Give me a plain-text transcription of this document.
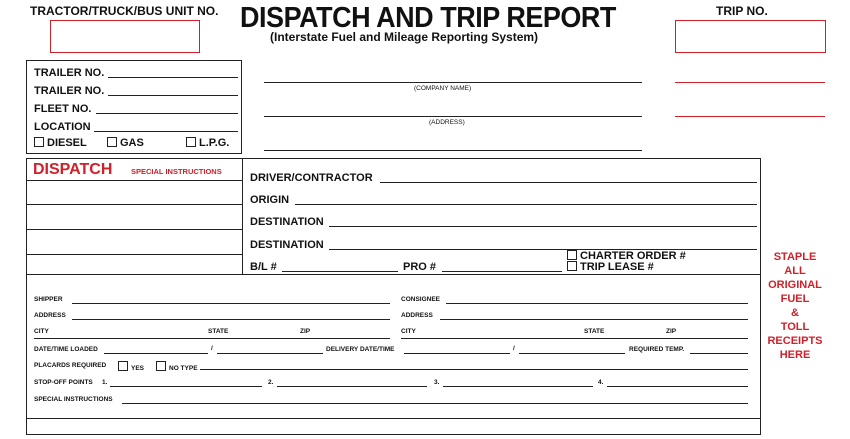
TRACTOR/TRUCK/BUS UNIT NO. DISPATCH AND TRIP REPORT
(Interstate Fuel and Mileage Reporting System)
TRIP NO.
(COMPANY NAME)
(ADDRESS)
TRAILER NO.
TRAILER NO.
FLEET NO.
LOCATION
DIESEL	GAS	L.P.G.
DISPATCH SPECIAL INSTRUCTIONS
DRIVER/CONTRACTOR
ORIGIN
DESTINATION
DESTINATION
B/L #	PRO #
CHARTER ORDER #
TRIP LEASE #
STAPLE
ALL
ORIGINAL
FUEL
&
TOLL
RECEIPTS
HERE
SHIPPER	CONSIGNEE
ADDRESS	ADDRESS
CITY	STATE	ZIP	CITY	STATE	ZIP
DATE/TIME LOADED	/	DELIVERY DATE/TIME	/	REQUIRED TEMP.
PLACARDS REQUIRED	YES	NO TYPE
STOP-OFF POINTS 1.	2.	3.	4.
SPECIAL INSTRUCTIONS
